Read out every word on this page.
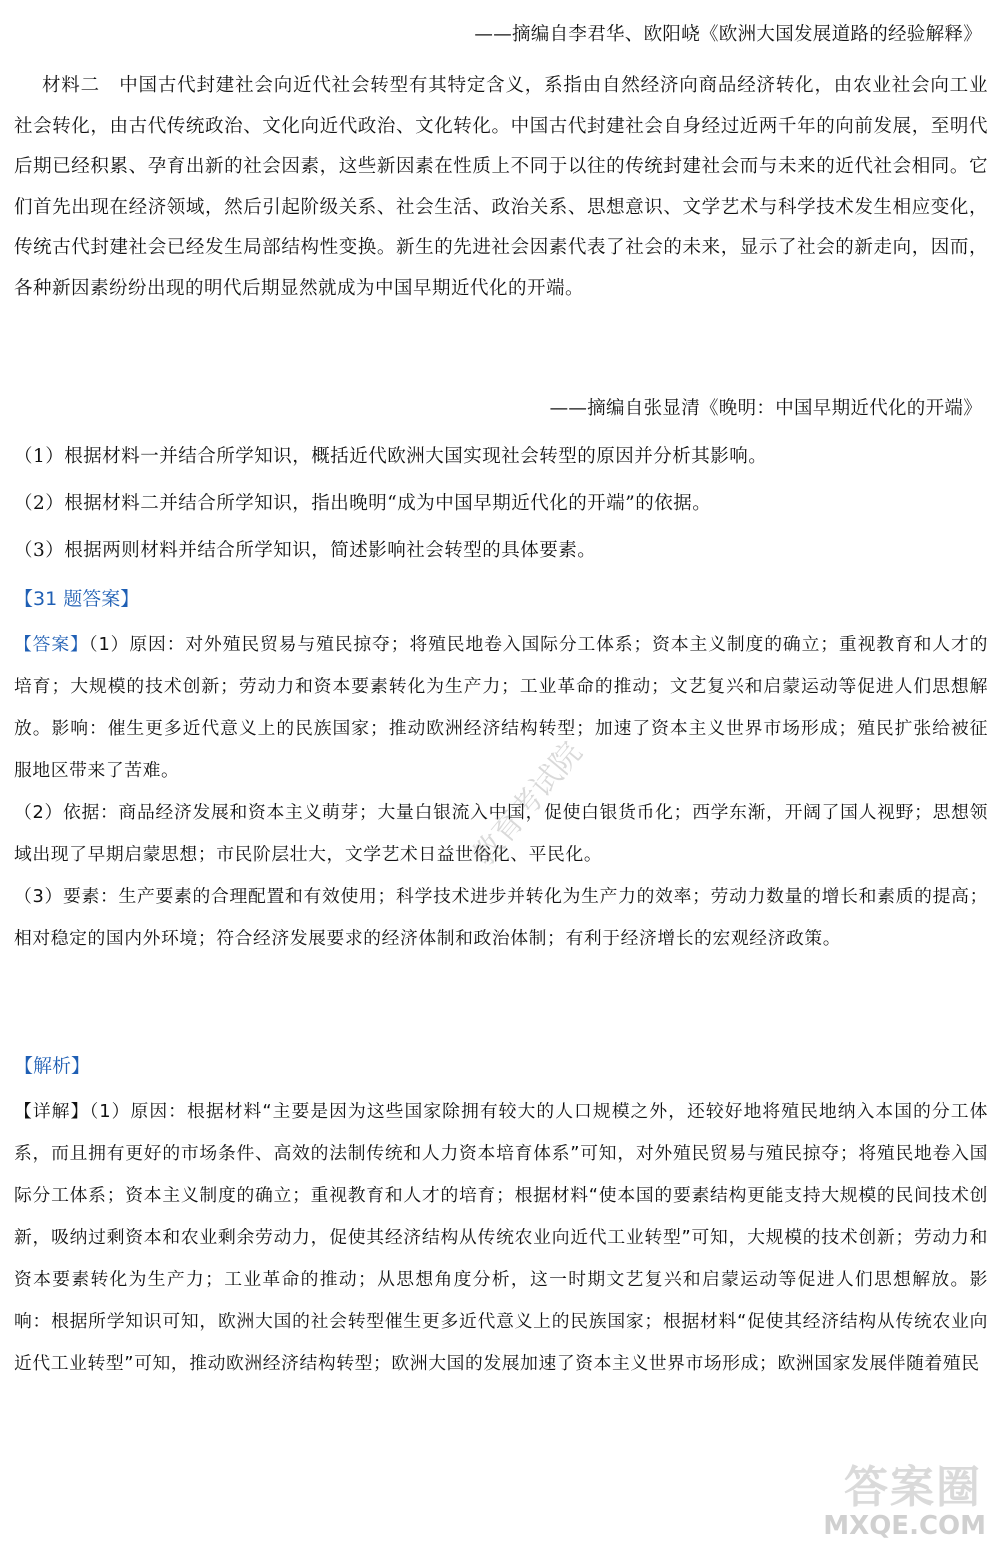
——摘编自李君华、欧阳峣《欧洲大国发展道路的经验解释》

材料二　 中国古代封建社会向近代社会转型有其特定含义，系指由自然经济向商品经济转化，由农业社会向工业社会转化，由古代传统政治、文化向近代政治、文化转化。中国古代封建社会自身经过近两千年的向前发展，至明代后期已经积累、孕育出新的社会因素，这些新因素在性质上不同于以往的传统封建社会而与未来的近代社会相同。它们首先出现在经济领域，然后引起阶级关系、社会生活、政治关系、思想意识、文学艺术与科学技术发生相应变化，传统古代封建社会已经发生局部结构性变换。新生的先进社会因素代表了社会的未来，显示了社会的新走向，因而，各种新因素纷纷出现的明代后期显然就成为中国早期近代化的开端。

——摘编自张显清《晚明：中国早期近代化的开端》
（1）根据材料一并结合所学知识，概括近代欧洲大国实现社会转型的原因并分析其影响。
（2）根据材料二并结合所学知识，指出晚明“成为中国早期近代化的开端”的依据。
（3）根据两则材料并结合所学知识，简述影响社会转型的具体要素。
【31 题答案】

【答案】（1）原因：对外殖民贸易与殖民掠夺；将殖民地卷入国际分工体系；资本主义制度的确立；重视教育和人才的培育；大规模的技术创新；劳动力和资本要素转化为生产力；工业革命的推动；文艺复兴和启蒙运动等促进人们思想解放。影响：催生更多近代意义上的民族国家；推动欧洲经济结构转型；加速了资本主义世界市场形成；殖民扩张给被征服地区带来了苦难。

（2）依据：商品经济发展和资本主义萌芽；大量白银流入中国，促使白银货币化；西学东渐，开阔了国人视野；思想领域出现了早期启蒙思想；市民阶层壮大，文学艺术日益世俗化、平民化。

（3）要素：生产要素的合理配置和有效使用；科学技术进步并转化为生产力的效率；劳动力数量的增长和素质的提高；相对稳定的国内外环境；符合经济发展要求的经济体制和政治体制；有利于经济增长的宏观经济政策。

【解析】

【详解】（1）原因：根据材料“主要是因为这些国家除拥有较大的人口规模之外，还较好地将殖民地纳入本国的分工体系，而且拥有更好的市场条件、高效的法制传统和人力资本培育体系”可知，对外殖民贸易与殖民掠夺；将殖民地卷入国际分工体系；资本主义制度的确立；重视教育和人才的培育；根据材料“使本国的要素结构更能支持大规模的民间技术创新，吸纳过剩资本和农业剩余劳动力，促使其经济结构从传统农业向近代工业转型”可知，大规模的技术创新；劳动力和资本要素转化为生产力；工业革命的推动；从思想角度分析，这一时期文艺复兴和启蒙运动等促进人们思想解放。影响：根据所学知识可知，欧洲大国的社会转型催生更多近代意义上的民族国家；根据材料“促使其经济结构从传统农业向近代工业转型”可知，推动欧洲经济结构转型；欧洲大国的发展加速了资本主义世界市场形成；欧洲国家发展伴随着殖民

教育考试院
答案圈
MXQE.COM
